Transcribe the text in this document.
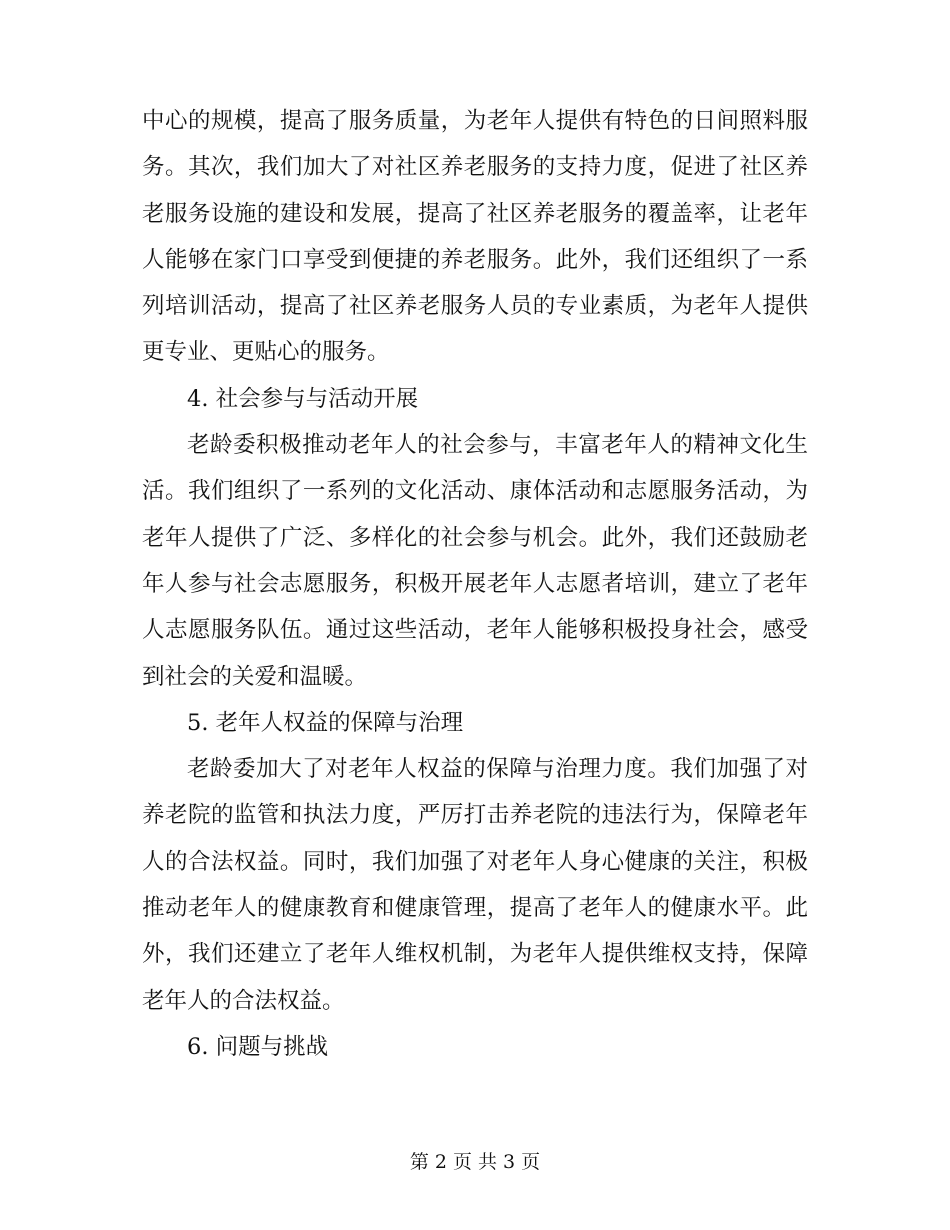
中心的规模，提高了服务质量，为老年人提供有特色的日间照料服务。其次，我们加大了对社区养老服务的支持力度，促进了社区养老服务设施的建设和发展，提高了社区养老服务的覆盖率，让老年人能够在家门口享受到便捷的养老服务。此外，我们还组织了一系列培训活动，提高了社区养老服务人员的专业素质，为老年人提供更专业、更贴心的服务。

4. 社会参与与活动开展

老龄委积极推动老年人的社会参与，丰富老年人的精神文化生活。我们组织了一系列的文化活动、康体活动和志愿服务活动，为老年人提供了广泛、多样化的社会参与机会。此外，我们还鼓励老年人参与社会志愿服务，积极开展老年人志愿者培训，建立了老年人志愿服务队伍。通过这些活动，老年人能够积极投身社会，感受到社会的关爱和温暖。

5. 老年人权益的保障与治理

老龄委加大了对老年人权益的保障与治理力度。我们加强了对养老院的监管和执法力度，严厉打击养老院的违法行为，保障老年人的合法权益。同时，我们加强了对老年人身心健康的关注，积极推动老年人的健康教育和健康管理，提高了老年人的健康水平。此外，我们还建立了老年人维权机制，为老年人提供维权支持，保障老年人的合法权益。

6. 问题与挑战

第 2 页 共 3 页
